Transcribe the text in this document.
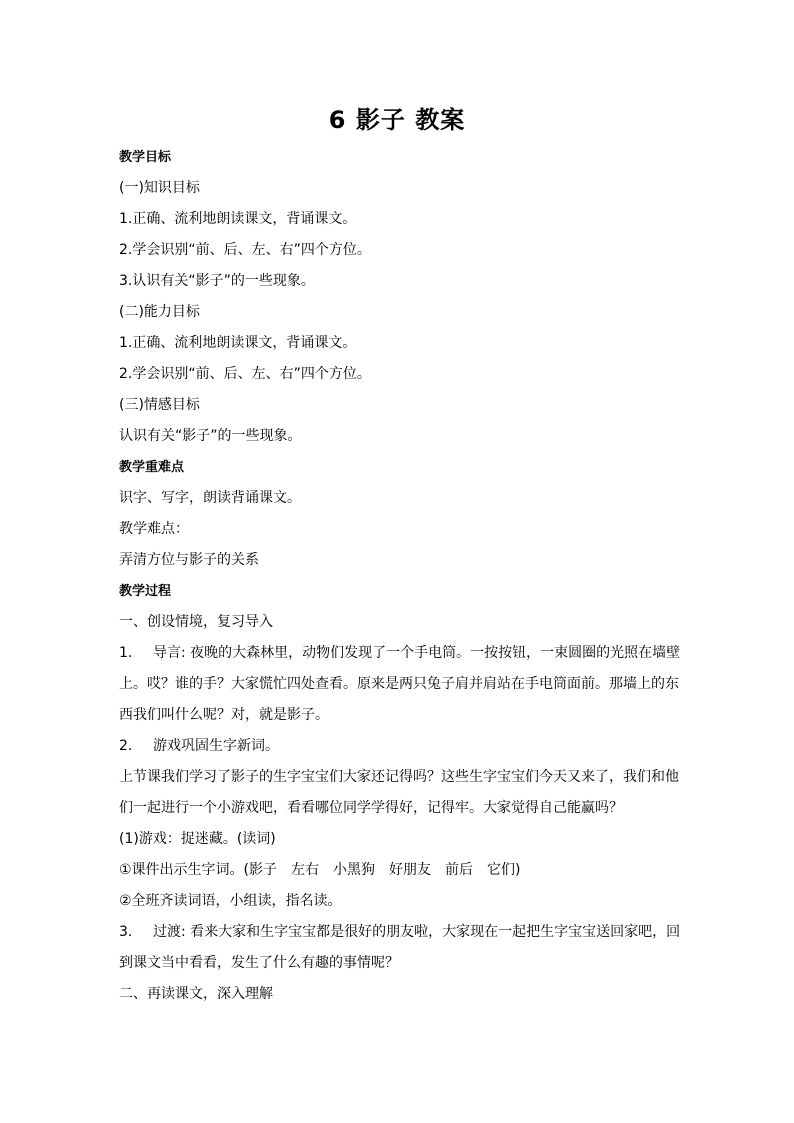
6 影子 教案
教学目标
(一)知识目标
1.正确、流利地朗读课文，背诵课文。
2.学会识别“前、后、左、右”四个方位。
3.认识有关“影子”的一些现象。
(二)能力目标
1.正确、流利地朗读课文，背诵课文。
2.学会识别“前、后、左、右”四个方位。
(三)情感目标
认识有关“影子”的一些现象。
教学重难点
识字、写字，朗读背诵课文。
教学难点：
弄清方位与影子的关系
教学过程
一、创设情境，复习导入
1. 导言: 夜晚的大森林里，动物们发现了一个手电筒。一按按钮，一束圆圈的光照在墙壁
上。哎？谁的手？大家慌忙四处查看。原来是两只兔子肩并肩站在手电筒面前。那墙上的东
西我们叫什么呢？对，就是影子。
2. 游戏巩固生字新词。
上节课我们学习了影子的生字宝宝们大家还记得吗？这些生字宝宝们今天又来了，我们和他
们一起进行一个小游戏吧，看看哪位同学学得好，记得牢。大家觉得自己能赢吗？
(1)游戏：捉迷藏。(读词)
①课件出示生字词。(影子　左右　小黑狗　好朋友　前后　它们)
②全班齐读词语，小组读，指名读。
3. 过渡: 看来大家和生字宝宝都是很好的朋友啦，大家现在一起把生字宝宝送回家吧，回
到课文当中看看，发生了什么有趣的事情呢？
二、再读课文，深入理解
